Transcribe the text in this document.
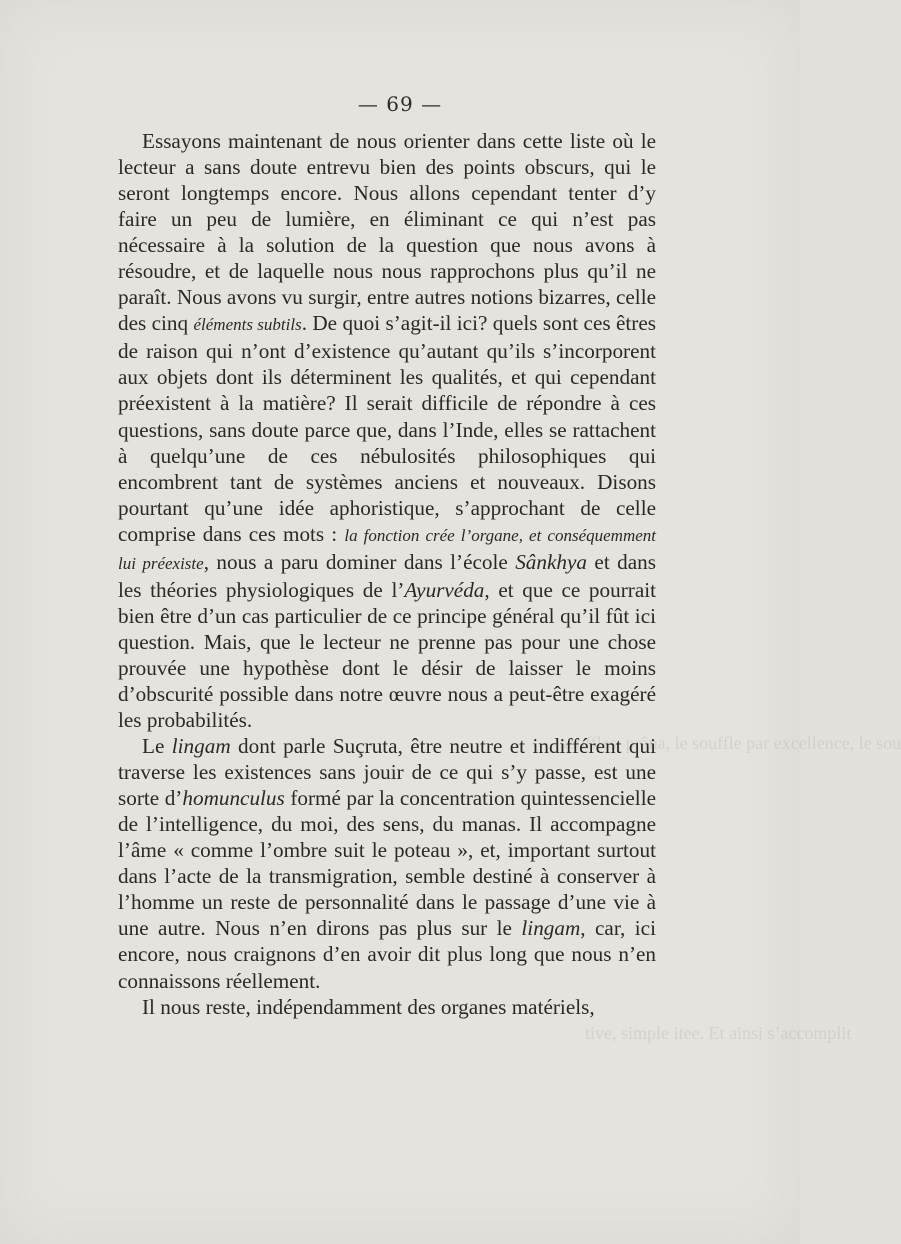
— 69 —
souffles, prâna, le souffle par excellence, le sou
tive, simple itee. Et ainsi s’accomplit

Essayons maintenant de nous orienter dans cette liste où le lecteur a sans doute entrevu bien des points obscurs, qui le seront longtemps encore. Nous allons cependant tenter d’y faire un peu de lumière, en éliminant ce qui n’est pas nécessaire à la solution de la question que nous avons à résoudre, et de laquelle nous nous rapprochons plus qu’il ne paraît. Nous avons vu surgir, entre autres notions bizarres, celle des cinq éléments subtils. De quoi s’agit-il ici? quels sont ces êtres de raison qui n’ont d’existence qu’autant qu’ils s’incorporent aux objets dont ils déterminent les qualités, et qui cependant préexistent à la matière? Il serait difficile de répondre à ces questions, sans doute parce que, dans l’Inde, elles se rattachent à quelqu’une de ces nébulosités philosophiques qui encombrent tant de systèmes anciens et nouveaux. Disons pourtant qu’une idée aphoristique, s’approchant de celle comprise dans ces mots : la fonction crée l’organe, et conséquemment lui préexiste, nous a paru dominer dans l’école Sânkhya et dans les théories physiologiques de l’Ayurvéda, et que ce pourrait bien être d’un cas particulier de ce principe général qu’il fût ici question. Mais, que le lecteur ne prenne pas pour une chose prouvée une hypothèse dont le désir de laisser le moins d’obscurité possible dans notre œuvre nous a peut-être exagéré les probabilités.

Le lingam dont parle Suçruta, être neutre et indifférent qui traverse les existences sans jouir de ce qui s’y passe, est une sorte d’homunculus formé par la concentration quintessencielle de l’intelligence, du moi, des sens, du manas. Il accompagne l’âme « comme l’ombre suit le poteau », et, important surtout dans l’acte de la transmigration, semble destiné à conserver à l’homme un reste de personnalité dans le passage d’une vie à une autre. Nous n’en dirons pas plus sur le lingam, car, ici encore, nous craignons d’en avoir dit plus long que nous n’en connaissons réellement.

Il nous reste, indépendamment des organes matériels,
